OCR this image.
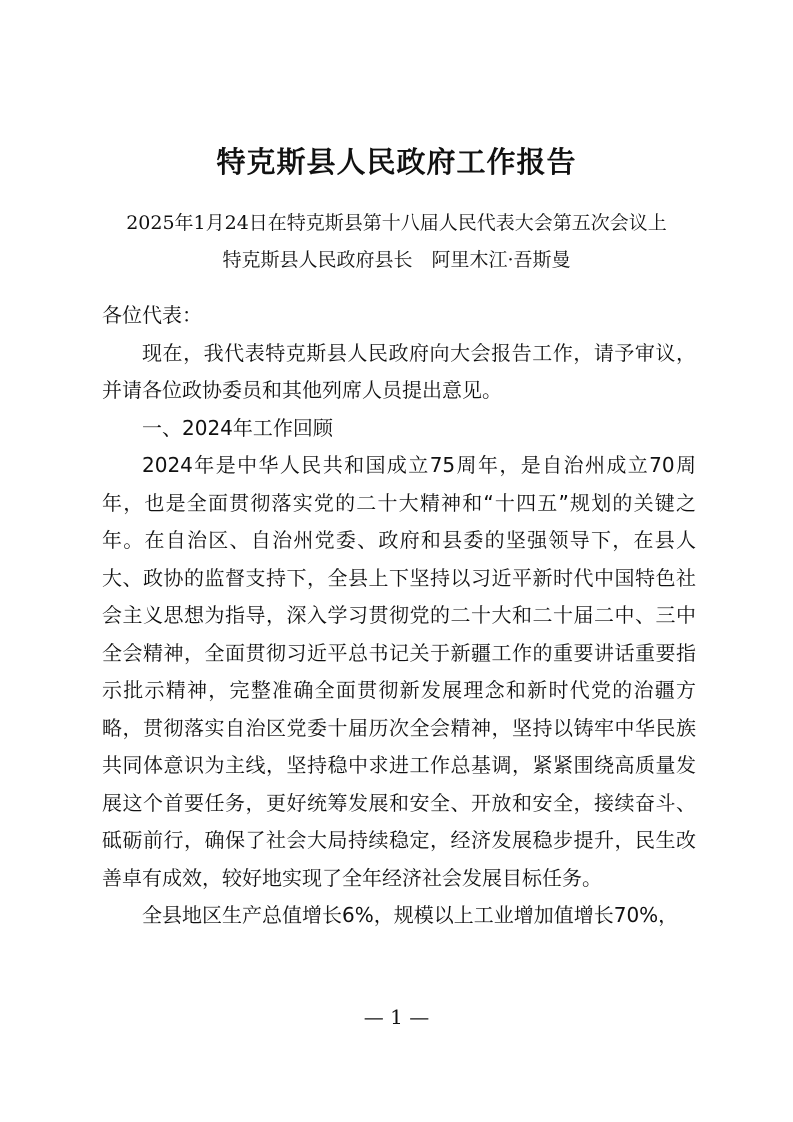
特克斯县人民政府工作报告
2025年1月24日在特克斯县第十八届人民代表大会第五次会议上
特克斯县人民政府县长　阿里木江·吾斯曼

各位代表：

现在，我代表特克斯县人民政府向大会报告工作，请予审议，并请各位政协委员和其他列席人员提出意见。

一、2024年工作回顾

2024年是中华人民共和国成立75周年，是自治州成立70周年，也是全面贯彻落实党的二十大精神和“十四五”规划的关键之年。在自治区、自治州党委、政府和县委的坚强领导下，在县人大、政协的监督支持下，全县上下坚持以习近平新时代中国特色社会主义思想为指导，深入学习贯彻党的二十大和二十届二中、三中全会精神，全面贯彻习近平总书记关于新疆工作的重要讲话重要指示批示精神，完整准确全面贯彻新发展理念和新时代党的治疆方略，贯彻落实自治区党委十届历次全会精神，坚持以铸牢中华民族共同体意识为主线，坚持稳中求进工作总基调，紧紧围绕高质量发展这个首要任务，更好统筹发展和安全、开放和安全，接续奋斗、砥砺前行，确保了社会大局持续稳定，经济发展稳步提升，民生改善卓有成效，较好地实现了全年经济社会发展目标任务。

全县地区生产总值增长6%，规模以上工业增加值增长70%，

— 1 —
